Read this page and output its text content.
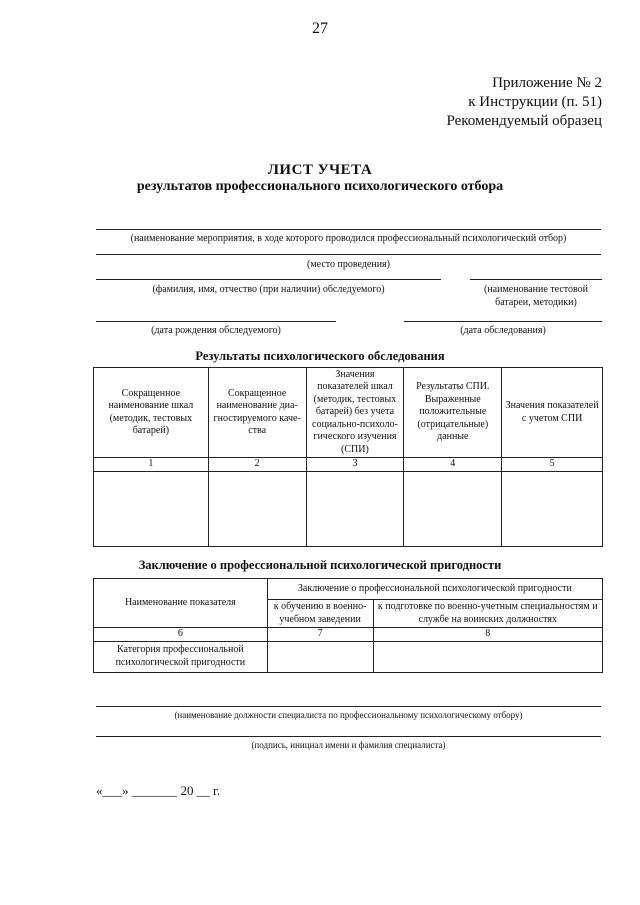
27
Приложение № 2
к Инструкции (п. 51)
Рекомендуемый образец
ЛИСТ УЧЕТА
результатов профессионального психологического отбора
(наименование мероприятия, в ходе которого проводился профессиональный психологический отбор)
(место проведения)
(фамилия, имя, отчество (при наличии) обследуемого)	(наименование тестовой батареи, методики)
(дата рождения обследуемого)	(дата обследования)
Результаты психологического обследования
Сокращенное наименование шкал (методик, тестовых батарей)	Сокращенное наименование диа-гностируемого каче-ства	Значения показателей шкал (методик, тестовых батарей) без учета социально-психоло-гического изучения (СПИ)	Результаты СПИ. Выраженные положительные (отрицательные) данные	Значения показателей с учетом СПИ
1	2	3	4	5

Заключение о профессиональной психологической пригодности
Наименование показателя	Заключение о профессиональной психологической пригодности	
	к обучению в военно-учебном заведении	к подготовке по военно-учетным специальностям и службе на воинских должностях
6	7	8
Категория профессиональной психологической пригодности		
(наименование должности специалиста по профессиональному психологическому отбору)
(подпись, инициал имени и фамилия специалиста)
«___» _______ 20 __ г.
